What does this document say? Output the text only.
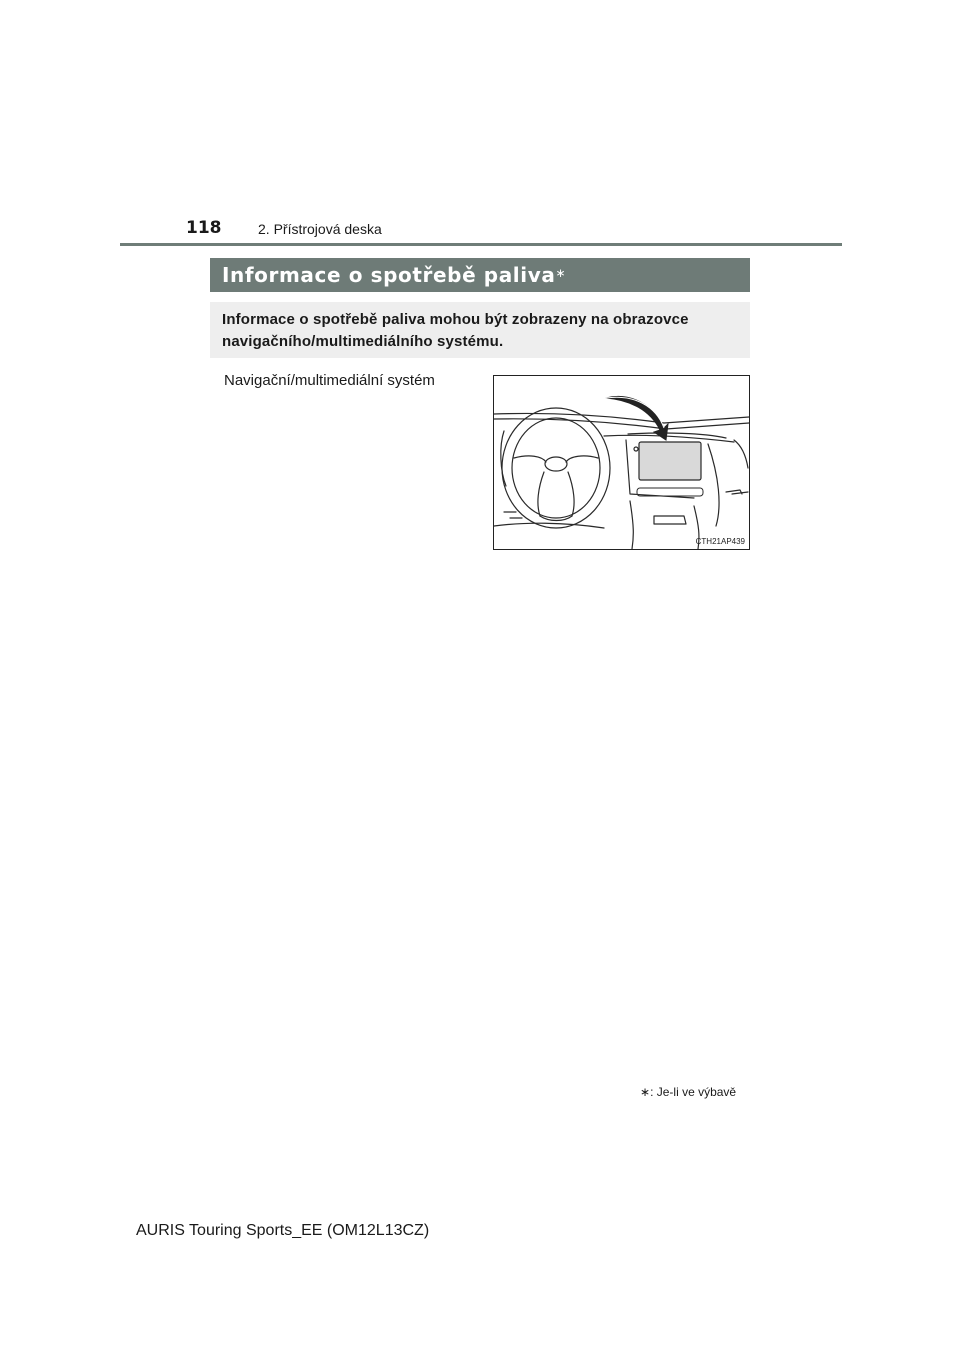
118	2. Přístrojová deska
Informace o spotřebě paliva∗
Informace o spotřebě paliva mohou být zobrazeny na obrazovce
navigačního/multimediálního systému.
Navigační/multimediální systém
CTH21AP439
∗: Je-li ve výbavě
AURIS Touring Sports_EE (OM12L13CZ)
